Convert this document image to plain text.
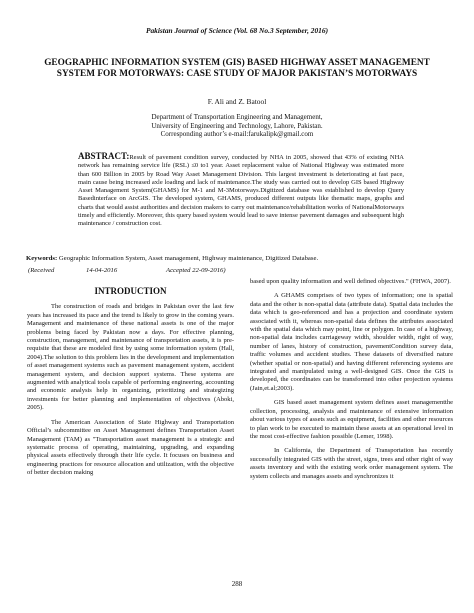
Pakistan Journal of Science (Vol. 68 No.3 September, 2016)
GEOGRAPHIC INFORMATION SYSTEM (GIS) BASED HIGHWAY ASSET MANAGEMENT SYSTEM FOR MOTORWAYS: CASE STUDY OF MAJOR PAKISTAN’S MOTORWAYS
F. Ali and Z. Batool
Department of Transportation Engineering and Management,
University of Engineering and Technology, Lahore, Pakistan.
Corresponding author’s e-mail:farukalipk@gmail.com
ABSTRACT:Result of pavement condition survey, conducted by NHA in 2005, showed that 43% of existing NHA network has remaining service life (RSL) ≤0 to1 year. Asset replacement value of National Highway was estimated more than 600 Billion in 2005 by Road Way Asset Management Division. This largest investment is deteriorating at fast pace, main cause being increased axle loading and lack of maintenance.The study was carried out to develop GIS based Highway Asset Management System(GHAMS) for M-1 and M-3Motorways.Digitized database was established to develop Query Basedinterface on ArcGIS. The developed system, GHAMS, produced different outputs like thematic maps, graphs and charts that would assist authorities and decision makers to carry out maintenance/rehabilitation works of NationalMotorways timely and efficiently. Moreover, this query based system would lead to save intense pavement damages and subsequent high maintenance / construction cost.
Keywords: Geographic Information System, Asset management, Highway maintenance, Digitized Database.
(Received	14-04-2016	Accepted 22-09-2016)
INTRODUCTION

The construction of roads and bridges in Pakistan over the last few years has increased its pace and the trend is likely to grow in the coming years. Management and maintenance of these national assets is one of the major problems being faced by Pakistan now a days. For effective planning, construction, management, and maintenance of transportation assets, it is pre-requisite that these are modeled first by using some information system (Hall, 2004).The solution to this problem lies in the development and implementation of asset management systems such as pavement management system, accident management system, and decision support systems. These systems are augmented with analytical tools capable of performing engineering, accounting and economic analysis help in organizing, prioritizing and strategizing investments for better planning and implementation of objectives (Aboki, 2005).

The American Association of State Highway and Transportation Official’s subcommittee on Asset Management defines Transportation Asset Management (TAM) as "Transportation asset management is a strategic and systematic process of operating, maintaining, upgrading, and expanding physical assets effectively through their life cycle. It focuses on business and engineering practices for resource allocation and utilization, with the objective of better decision making

based upon quality information and well defined objectives." (FHWA, 2007).

A GHAMS comprises of two types of information; one is spatial data and the other is non-spatial data (attribute data). Spatial data includes the data which is geo-referenced and has a projection and coordinate system associated with it, whereas non-spatial data defines the attributes associated with the spatial data which may point, line or polygon. In case of a highway, non-spatial data includes carriageway width, shoulder width, right of way, number of lanes, history of construction, pavementCondition survey data, traffic volumes and accident studies. These datasets of diversified nature (whether spatial or non-spatial) and having different referencing systems are integrated and manipulated using a well-designed GIS. Once the GIS is developed, the coordinates can be transformed into other projection systems (Jain,et.al;2003).

GIS based asset management system defines asset managementthe collection, processing, analysis and maintenance of extensive information about various types of assets such as equipment, facilities and other resources to plan work to be executed to maintain these assets at an operational level in the most cost-effective fashion possible (Lemer, 1998).

In California, the Department of Transportation has recently successfully integrated GIS with the street, signs, trees and other right of way assets inventory and with the existing work order management system. The system collects and manages assets and synchronizes it

288
